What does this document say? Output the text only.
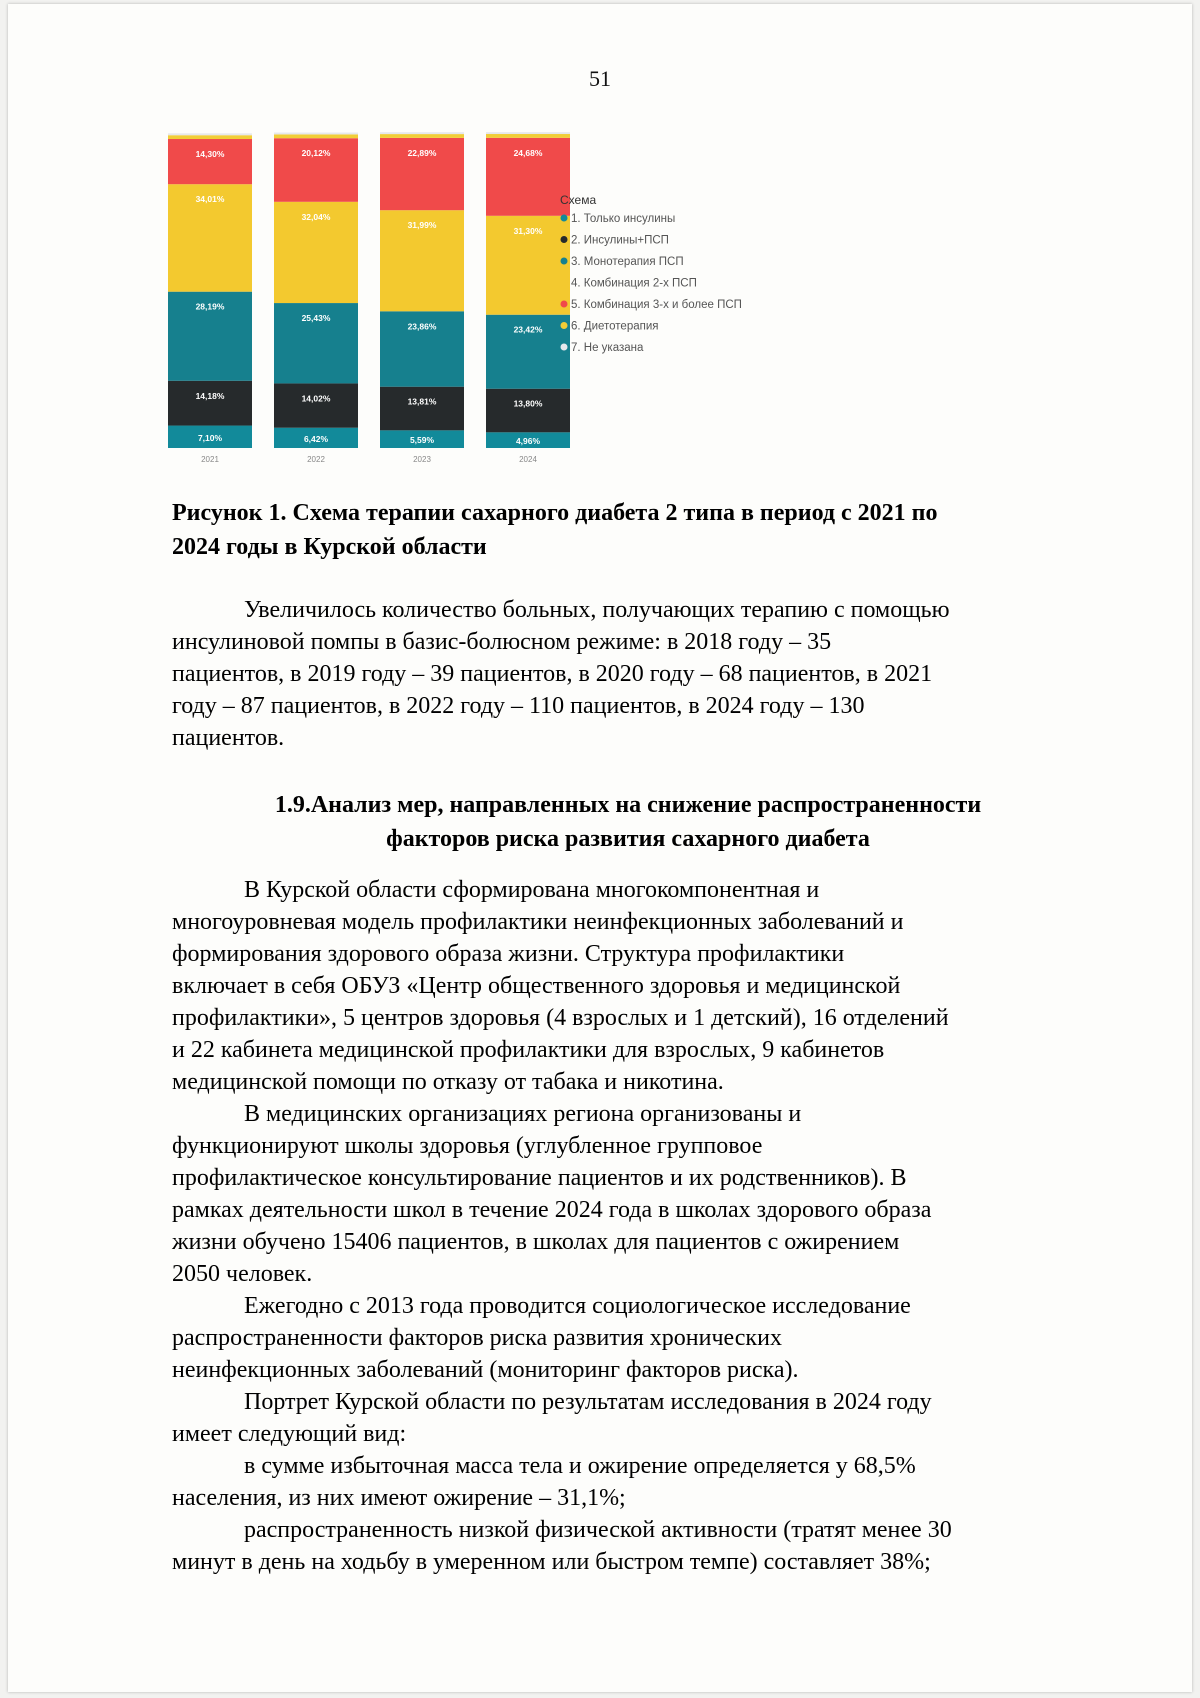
51
7,10%
14,18%
28,19%
34,01%
14,30%
2021
6,42%
14,02%
25,43%
32,04%
20,12%
2022
5,59%
13,81%
23,86%
31,99%
22,89%
2023
4,96%
13,80%
23,42%
31,30%
24,68%
2024
Схема
1. Только инсулины
2. Инсулины+ПСП
3. Монотерапия ПСП
4. Комбинация 2-х ПСП
5. Комбинация 3-х и более ПСП
6. Диетотерапия
7. Не указана
Рисунок 1. Схема терапии сахарного диабета 2 типа в период с 2021 по
2024 годы в Курской области
Увеличилось количество больных, получающих терапию с помощью
инсулиновой помпы в базис-болюсном режиме: в 2018 году – 35
пациентов, в 2019 году – 39 пациентов, в 2020 году – 68 пациентов, в 2021
году – 87 пациентов, в 2022 году – 110 пациентов, в 2024 году – 130
пациентов.
1.9.Анализ мер, направленных на снижение распространенности
факторов риска развития сахарного диабета
В Курской области сформирована многокомпонентная и
многоуровневая модель профилактики неинфекционных заболеваний и
формирования здорового образа жизни. Структура профилактики
включает в себя ОБУЗ «Центр общественного здоровья и медицинской
профилактики», 5 центров здоровья (4 взрослых и 1 детский), 16 отделений
и 22 кабинета медицинской профилактики для взрослых, 9 кабинетов
медицинской помощи по отказу от табака и никотина.
В медицинских организациях региона организованы и
функционируют школы здоровья (углубленное групповое
профилактическое консультирование пациентов и их родственников). В
рамках деятельности школ в течение 2024 года в школах здорового образа
жизни обучено 15406 пациентов, в школах для пациентов с ожирением
2050 человек.
Ежегодно с 2013 года проводится социологическое исследование
распространенности факторов риска развития хронических
неинфекционных заболеваний (мониторинг факторов риска).
Портрет Курской области по результатам исследования в 2024 году
имеет следующий вид:
в сумме избыточная масса тела и ожирение определяется у 68,5%
населения, из них имеют ожирение – 31,1%;
распространенность низкой физической активности (тратят менее 30
минут в день на ходьбу в умеренном или быстром темпе) составляет 38%;
